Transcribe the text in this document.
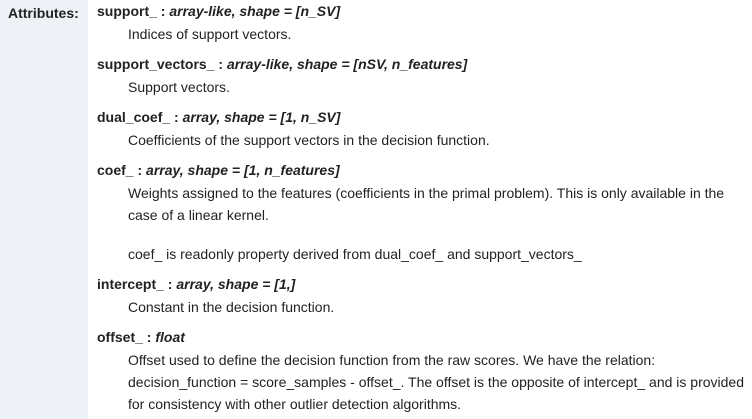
Attributes: support_ : array-like, shape = [n_SV]

Indices of support vectors.

support_vectors_ : array-like, shape = [nSV, n_features]

Support vectors.

dual_coef_ : array, shape = [1, n_SV]

Coefficients of the support vectors in the decision function.

coef_ : array, shape = [1, n_features]

Weights assigned to the features (coefficients in the primal problem). This is only available in the case of a linear kernel.

coef_ is readonly property derived from dual_coef_ and support_vectors_

intercept_ : array, shape = [1,]

Constant in the decision function.

offset_ : float

Offset used to define the decision function from the raw scores. We have the relation: decision_function = score_samples - offset_. The offset is the opposite of intercept_ and is provided for consistency with other outlier detection algorithms.
